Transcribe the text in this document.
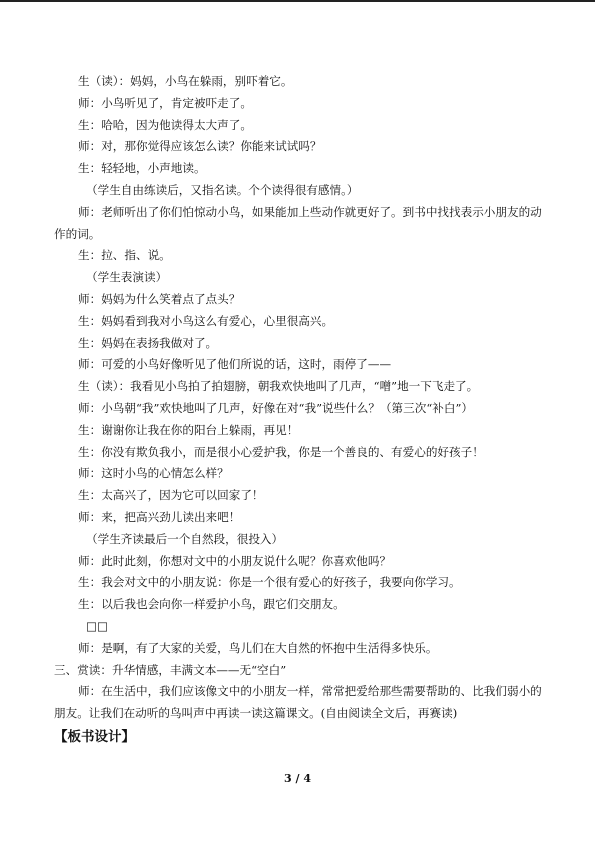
生（读）：妈妈，小鸟在躲雨，别吓着它。
师：小鸟听见了，肯定被吓走了。
生：哈哈，因为他读得太大声了。
师：对，那你觉得应该怎么读？你能来试试吗？
生：轻轻地，小声地读。
（学生自由练读后，又指名读。个个读得很有感情。）
师：老师听出了你们怕惊动小鸟，如果能加上些动作就更好了。到书中找找表示小朋友的动作的词。
生：拉、指、说。
（学生表演读）
师：妈妈为什么笑着点了点头？
生：妈妈看到我对小鸟这么有爱心，心里很高兴。
生：妈妈在表扬我做对了。
师：可爱的小鸟好像听见了他们所说的话，这时，雨停了——
生（读）：我看见小鸟拍了拍翅膀，朝我欢快地叫了几声，“噌”地一下飞走了。
师：小鸟朝“我”欢快地叫了几声，好像在对“我”说些什么？（第三次“补白”）
生：谢谢你让我在你的阳台上躲雨，再见！
生：你没有欺负我小，而是很小心爱护我，你是一个善良的、有爱心的好孩子！
师：这时小鸟的心情怎么样？
生：太高兴了，因为它可以回家了！
师：来，把高兴劲儿读出来吧！
（学生齐读最后一个自然段，很投入）
师：此时此刻，你想对文中的小朋友说什么呢？你喜欢他吗？
生：我会对文中的小朋友说：你是一个很有爱心的好孩子，我要向你学习。
生：以后我也会向你一样爱护小鸟，跟它们交朋友。
□□
师：是啊，有了大家的关爱，鸟儿们在大自然的怀抱中生活得多快乐。
三、赏读：升华情感，丰满文本——无“空白”
师：在生活中，我们应该像文中的小朋友一样，常常把爱给那些需要帮助的、比我们弱小的朋友。让我们在动听的鸟叫声中再读一读这篇课文。(自由阅读全文后，再赛读)
【板书设计】
3 / 4
